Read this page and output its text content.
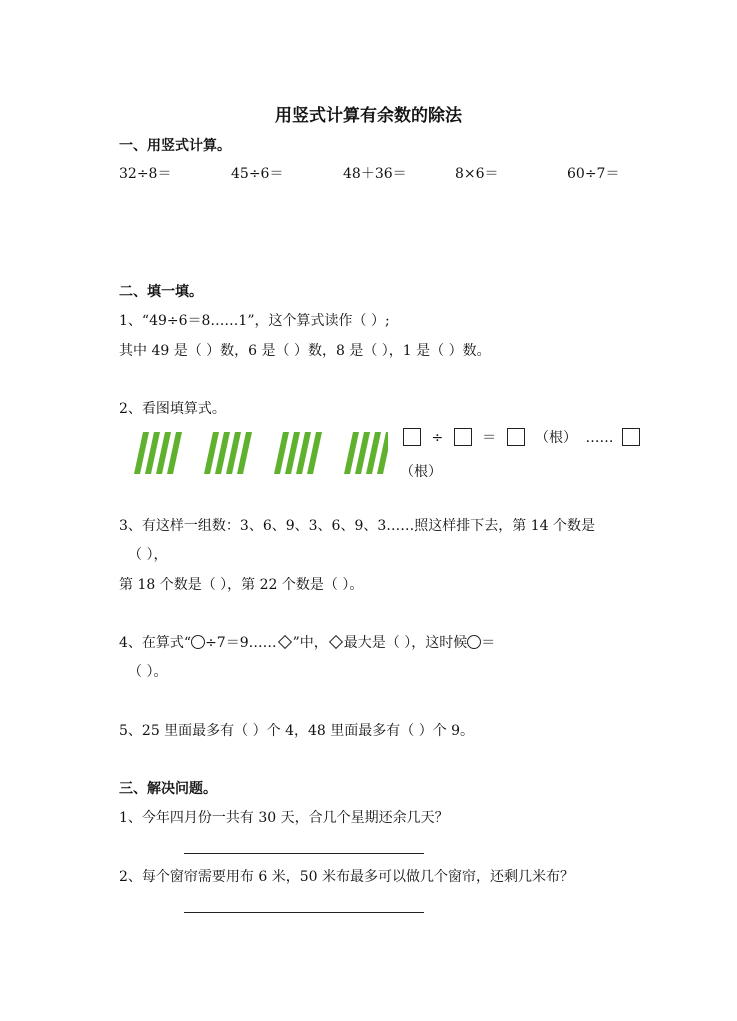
用竖式计算有余数的除法
一、用竖式计算。
32÷8＝	45÷6＝	48＋36＝	8×6＝	60÷7＝
二、填一填。
1、“49÷6＝8……1”，这个算式读作（ ）;
其中 49 是（ ）数，6 是（ ）数，8 是（ ），1 是（ ）数。
2、看图填算式。
÷	＝	（根） ……
（根）
3、有这样一组数：3、6、9、3、6、9、3……照这样排下去，第 14 个数是
（ ），
第 18 个数是（ ），第 22 个数是（ ）。
4、在算式“ ÷7＝9…… ”中， 最大是（ ），这时候 ＝
（ ）。
5、25 里面最多有（ ）个 4，48 里面最多有（ ）个 9。
三、解决问题。
1、今年四月份一共有 30 天，合几个星期还余几天？
2、每个窗帘需要用布 6 米，50 米布最多可以做几个窗帘，还剩几米布？
